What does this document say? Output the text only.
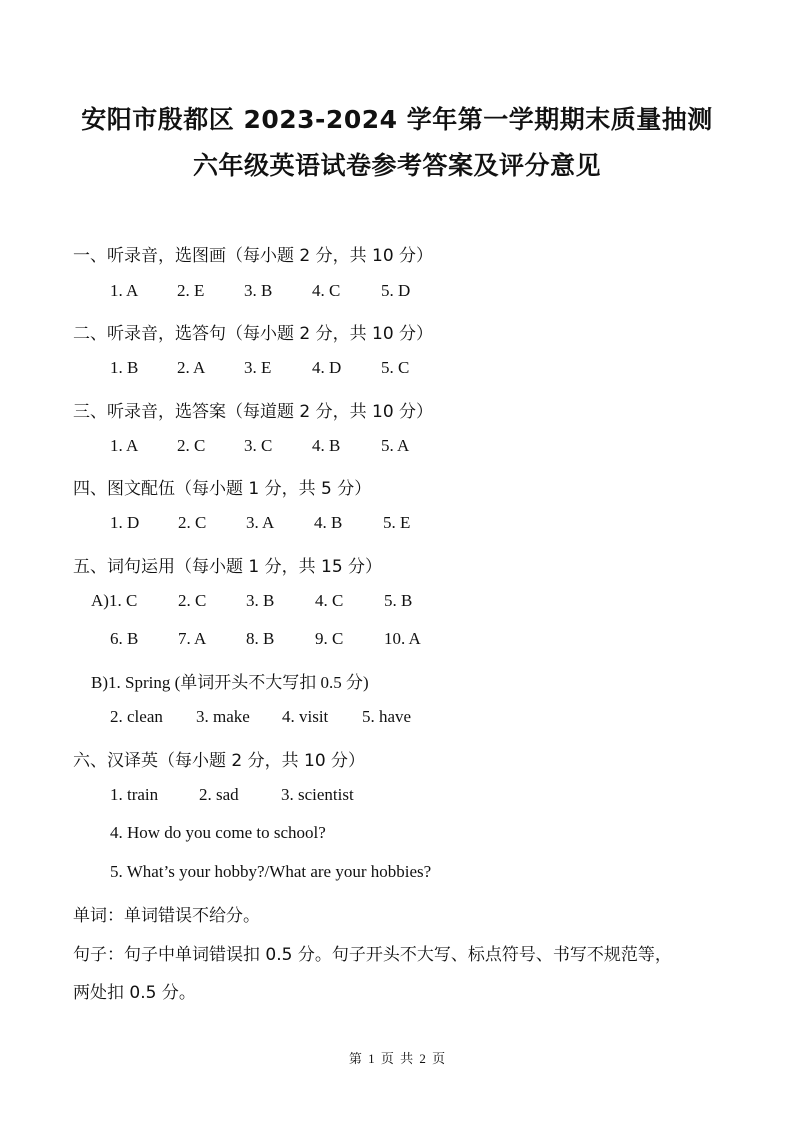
安阳市殷都区 2023-2024 学年第一学期期末质量抽测
六年级英语试卷参考答案及评分意见
一、听录音，选图画（每小题 2 分，共 10 分）
1. A 2. E 3. B 4. C 5. D
二、听录音，选答句（每小题 2 分，共 10 分）
1. B 2. A 3. E 4. D 5. C
三、听录音，选答案（每道题 2 分，共 10 分）
1. A 2. C 3. C 4. B 5. A
四、图文配伍（每小题 1 分，共 5 分）
1. D 2. C 3. A 4. B 5. E
五、词句运用（每小题 1 分，共 15 分）
A)1. C 2. C 3. B 4. C 5. B
6. B 7. A 8. B 9. C 10. A
B)1. Spring (单词开头不大写扣 0.5 分)
2. clean 3. make 4. visit 5. have
六、汉译英（每小题 2 分，共 10 分）
1. train 2. sad 3. scientist
4. How do you come to school?
5. What’s your hobby?/What are your hobbies?
单词：单词错误不给分。
句子：句子中单词错误扣 0.5 分。句子开头不大写、标点符号、书写不规范等，
两处扣 0.5 分。
第 1 页 共 2 页
